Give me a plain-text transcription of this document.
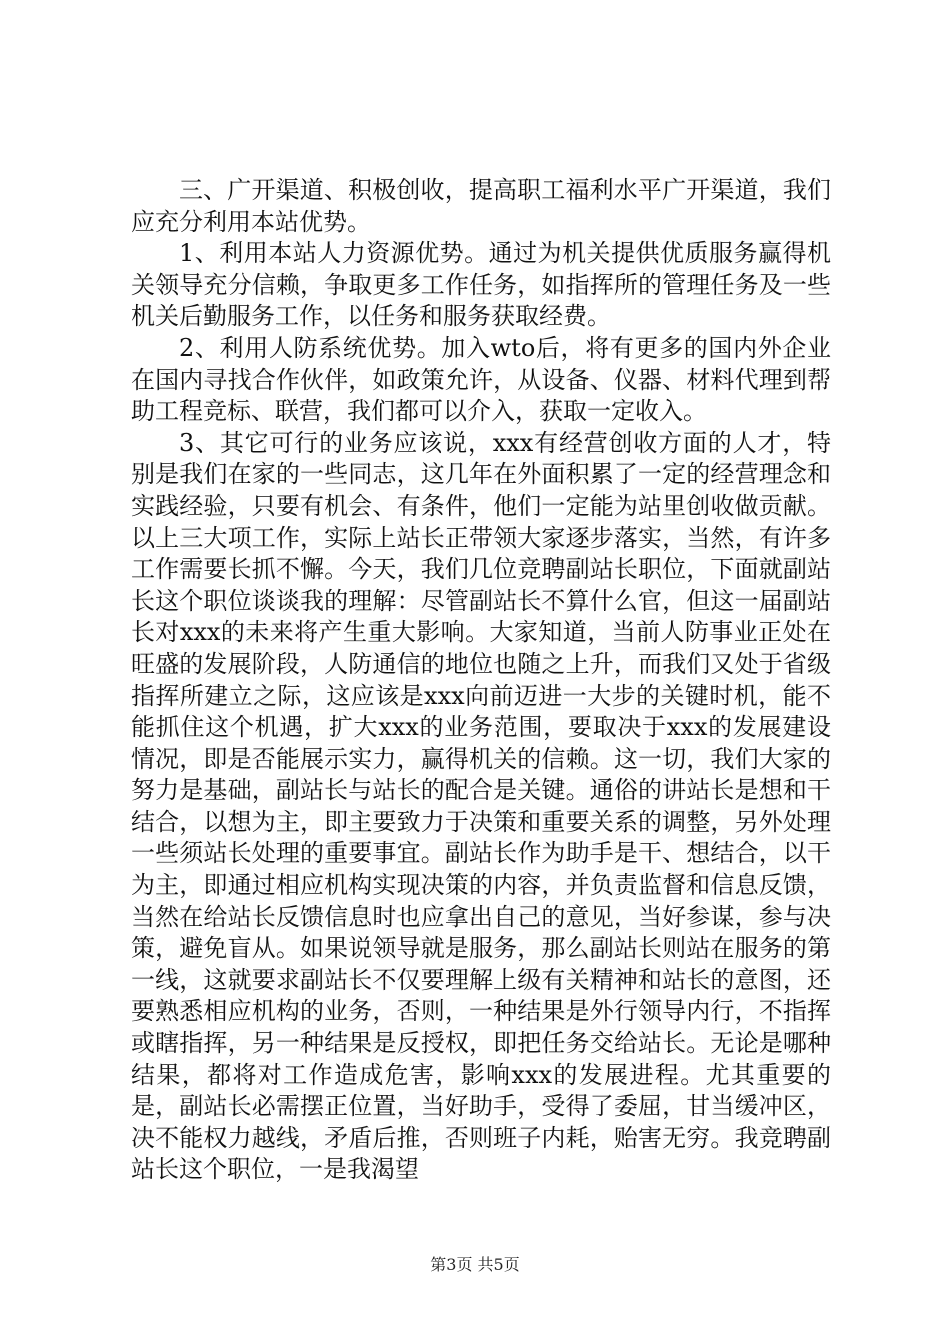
三、广开渠道、积极创收，提高职工福利水平广开渠道，我们应充分利用本站优势。

1、利用本站人力资源优势。通过为机关提供优质服务赢得机关领导充分信赖，争取更多工作任务，如指挥所的管理任务及一些机关后勤服务工作，以任务和服务获取经费。

2、利用人防系统优势。加入wto后，将有更多的国内外企业在国内寻找合作伙伴，如政策允许，从设备、仪器、材料代理到帮助工程竞标、联营，我们都可以介入，获取一定收入。

3、其它可行的业务应该说，xxx有经营创收方面的人才，特别是我们在家的一些同志，这几年在外面积累了一定的经营理念和实践经验，只要有机会、有条件，他们一定能为站里创收做贡献。以上三大项工作，实际上站长正带领大家逐步落实，当然，有许多工作需要长抓不懈。今天，我们几位竞聘副站长职位，下面就副站长这个职位谈谈我的理解：尽管副站长不算什么官，但这一届副站长对xxx的未来将产生重大影响。大家知道，当前人防事业正处在旺盛的发展阶段，人防通信的地位也随之上升，而我们又处于省级指挥所建立之际，这应该是xxx向前迈进一大步的关键时机，能不能抓住这个机遇，扩大xxx的业务范围，要取决于xxx的发展建设情况，即是否能展示实力，赢得机关的信赖。这一切，我们大家的努力是基础，副站长与站长的配合是关键。通俗的讲站长是想和干结合，以想为主，即主要致力于决策和重要关系的调整，另外处理一些须站长处理的重要事宜。副站长作为助手是干、想结合，以干为主，即通过相应机构实现决策的内容，并负责监督和信息反馈，当然在给站长反馈信息时也应拿出自己的意见，当好参谋，参与决策，避免盲从。如果说领导就是服务，那么副站长则站在服务的第一线，这就要求副站长不仅要理解上级有关精神和站长的意图，还要熟悉相应机构的业务，否则，一种结果是外行领导内行，不指挥或瞎指挥，另一种结果是反授权，即把任务交给站长。无论是哪种结果，都将对工作造成危害，影响xxx的发展进程。尤其重要的是，副站长必需摆正位置，当好助手，受得了委屈，甘当缓冲区，决不能权力越线，矛盾后推，否则班子内耗，贻害无穷。我竞聘副站长这个职位，一是我渴望

第3页 共5页
